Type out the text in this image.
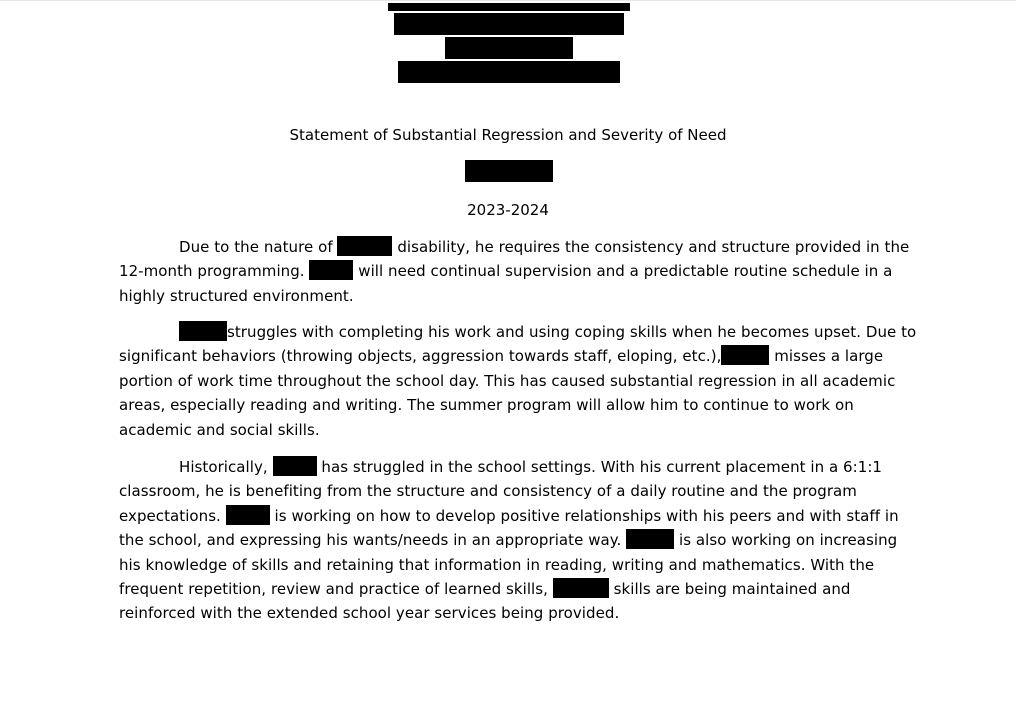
Statement of Substantial Regression and Severity of Need
2023-2024

Due to the nature of	disability, he requires the consistency and structure provided in the

12-month programming.	will need continual supervision and a predictable routine schedule in a

highly structured environment.

struggles with completing his work and using coping skills when he becomes upset. Due to

significant behaviors (throwing objects, aggression towards staff, eloping, etc.),	misses a large

portion of work time throughout the school day. This has caused substantial regression in all academic

areas, especially reading and writing. The summer program will allow him to continue to work on

academic and social skills.

Historically,	has struggled in the school settings. With his current placement in a 6:1:1

classroom, he is benefiting from the structure and consistency of a daily routine and the program

expectations.	is working on how to develop positive relationships with his peers and with staff in

the school, and expressing his wants/needs in an appropriate way.	is also working on increasing

his knowledge of skills and retaining that information in reading, writing and mathematics. With the

frequent repetition, review and practice of learned skills,	skills are being maintained and

reinforced with the extended school year services being provided.
